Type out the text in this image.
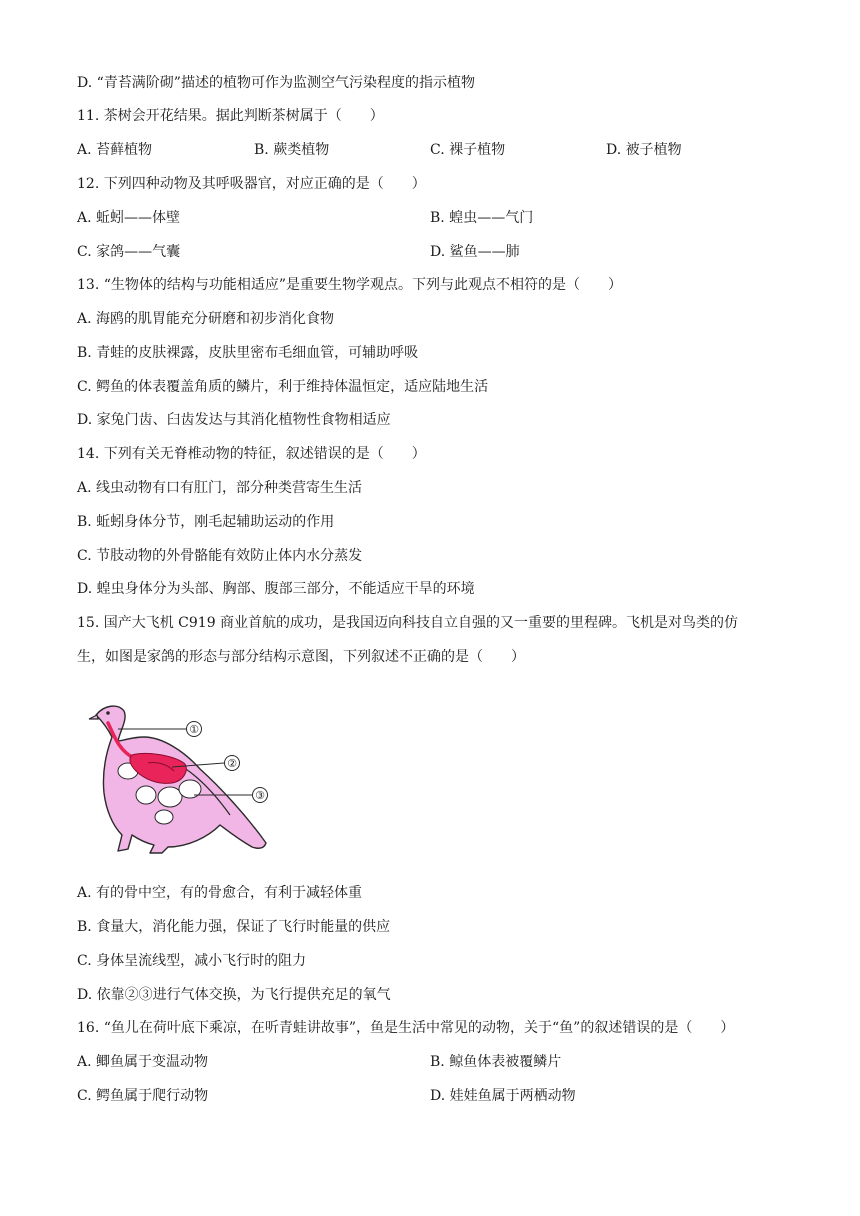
D. “青苔满阶砌”描述的植物可作为监测空气污染程度的指示植物
11. 茶树会开花结果。据此判断茶树属于（　　）
A. 苔藓植物	B. 蕨类植物	C. 裸子植物	D. 被子植物
12. 下列四种动物及其呼吸器官，对应正确的是（　　）
A. 蚯蚓——体壁	B. 蝗虫——气门
C. 家鸽——气囊	D. 鲨鱼——肺
13. “生物体的结构与功能相适应”是重要生物学观点。下列与此观点不相符的是（　　）
A. 海鸥的肌胃能充分研磨和初步消化食物
B. 青蛙的皮肤裸露，皮肤里密布毛细血管，可辅助呼吸
C. 鳄鱼的体表覆盖角质的鳞片，利于维持体温恒定，适应陆地生活
D. 家兔门齿、臼齿发达与其消化植物性食物相适应
14. 下列有关无脊椎动物的特征，叙述错误的是（　　）
A. 线虫动物有口有肛门，部分种类营寄生生活
B. 蚯蚓身体分节，刚毛起辅助运动的作用
C. 节肢动物的外骨骼能有效防止体内水分蒸发
D. 蝗虫身体分为头部、胸部、腹部三部分，不能适应干旱的环境
15. 国产大飞机 C919 商业首航的成功，是我国迈向科技自立自强的又一重要的里程碑。飞机是对鸟类的仿
生，如图是家鸽的形态与部分结构示意图，下列叙述不正确的是（　　）
①
②
③
A. 有的骨中空，有的骨愈合，有利于减轻体重
B. 食量大，消化能力强，保证了飞行时能量的供应
C. 身体呈流线型，减小飞行时的阻力
D. 依靠②③进行气体交换，为飞行提供充足的氧气
16. “鱼儿在荷叶底下乘凉，在听青蛙讲故事”，鱼是生活中常见的动物，关于“鱼”的叙述错误的是（　　）
A. 鲫鱼属于变温动物	B. 鲸鱼体表被覆鳞片
C. 鳄鱼属于爬行动物	D. 娃娃鱼属于两栖动物
